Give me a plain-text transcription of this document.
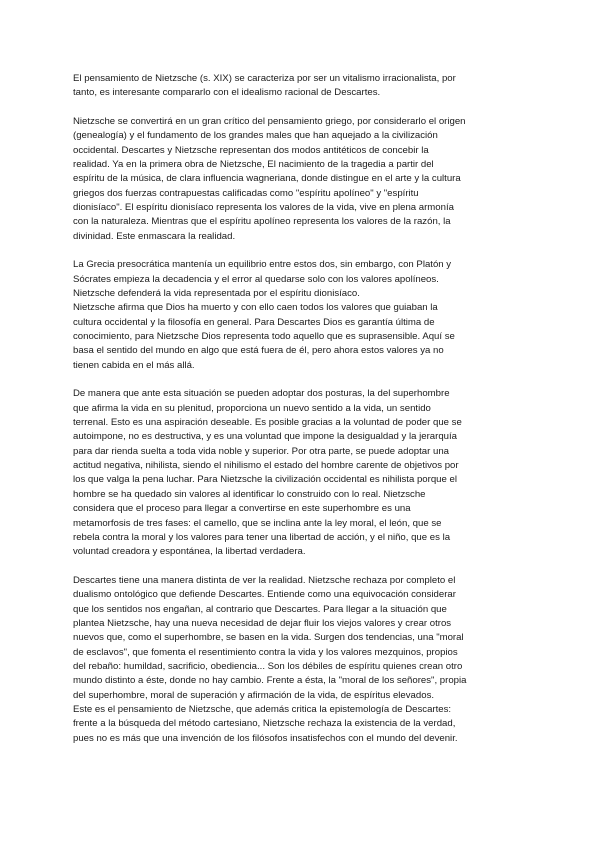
El pensamiento de Nietzsche (s. XIX) se caracteriza por ser un vitalismo irracionalista, por
tanto, es interesante compararlo con el idealismo racional de Descartes.

Nietzsche se convertirá en un gran crítico del pensamiento griego, por considerarlo el origen
(genealogía) y el fundamento de los grandes males que han aquejado a la civilización
occidental. Descartes y Nietzsche representan dos modos antitéticos de concebir la
realidad. Ya en la primera obra de Nietzsche, El nacimiento de la tragedia a partir del
espíritu de la música, de clara influencia wagneriana, donde distingue en el arte y la cultura
griegos dos fuerzas contrapuestas calificadas como "espíritu apolíneo" y "espíritu
dionisíaco". El espíritu dionisíaco representa los valores de la vida, vive en plena armonía
con la naturaleza. Mientras que el espíritu apolíneo representa los valores de la razón, la
divinidad. Este enmascara la realidad.

La Grecia presocrática mantenía un equilibrio entre estos dos, sin embargo, con Platón y
Sócrates empieza la decadencia y el error al quedarse solo con los valores apolíneos.
Nietzsche defenderá la vida representada por el espíritu dionisíaco.

Nietzsche afirma que Dios ha muerto y con ello caen todos los valores que guiaban la
cultura occidental y la filosofía en general. Para Descartes Dios es garantía última de
conocimiento, para Nietzsche Dios representa todo aquello que es suprasensible. Aquí se
basa el sentido del mundo en algo que está fuera de él, pero ahora estos valores ya no
tienen cabida en el más allá.

De manera que ante esta situación se pueden adoptar dos posturas, la del superhombre
que afirma la vida en su plenitud, proporciona un nuevo sentido a la vida, un sentido
terrenal. Esto es una aspiración deseable. Es posible gracias a la voluntad de poder que se
autoimpone, no es destructiva, y es una voluntad que impone la desigualdad y la jerarquía
para dar rienda suelta a toda vida noble y superior. Por otra parte, se puede adoptar una
actitud negativa, nihilista, siendo el nihilismo el estado del hombre carente de objetivos por
los que valga la pena luchar. Para Nietzsche la civilización occidental es nihilista porque el
hombre se ha quedado sin valores al identificar lo construido con lo real. Nietzsche
considera que el proceso para llegar a convertirse en este superhombre es una
metamorfosis de tres fases: el camello, que se inclina ante la ley moral, el león, que se
rebela contra la moral y los valores para tener una libertad de acción, y el niño, que es la
voluntad creadora y espontánea, la libertad verdadera.

Descartes tiene una manera distinta de ver la realidad. Nietzsche rechaza por completo el
dualismo ontológico que defiende Descartes. Entiende como una equivocación considerar
que los sentidos nos engañan, al contrario que Descartes. Para llegar a la situación que
plantea Nietzsche, hay una nueva necesidad de dejar fluir los viejos valores y crear otros
nuevos que, como el superhombre, se basen en la vida. Surgen dos tendencias, una "moral
de esclavos", que fomenta el resentimiento contra la vida y los valores mezquinos, propios
del rebaño: humildad, sacrificio, obediencia... Son los débiles de espíritu quienes crean otro
mundo distinto a éste, donde no hay cambio. Frente a ésta, la "moral de los señores", propia
del superhombre, moral de superación y afirmación de la vida, de espíritus elevados.

Este es el pensamiento de Nietzsche, que además critica la epistemología de Descartes:
frente a la búsqueda del método cartesiano, Nietzsche rechaza la existencia de la verdad,
pues no es más que una invención de los filósofos insatisfechos con el mundo del devenir.
